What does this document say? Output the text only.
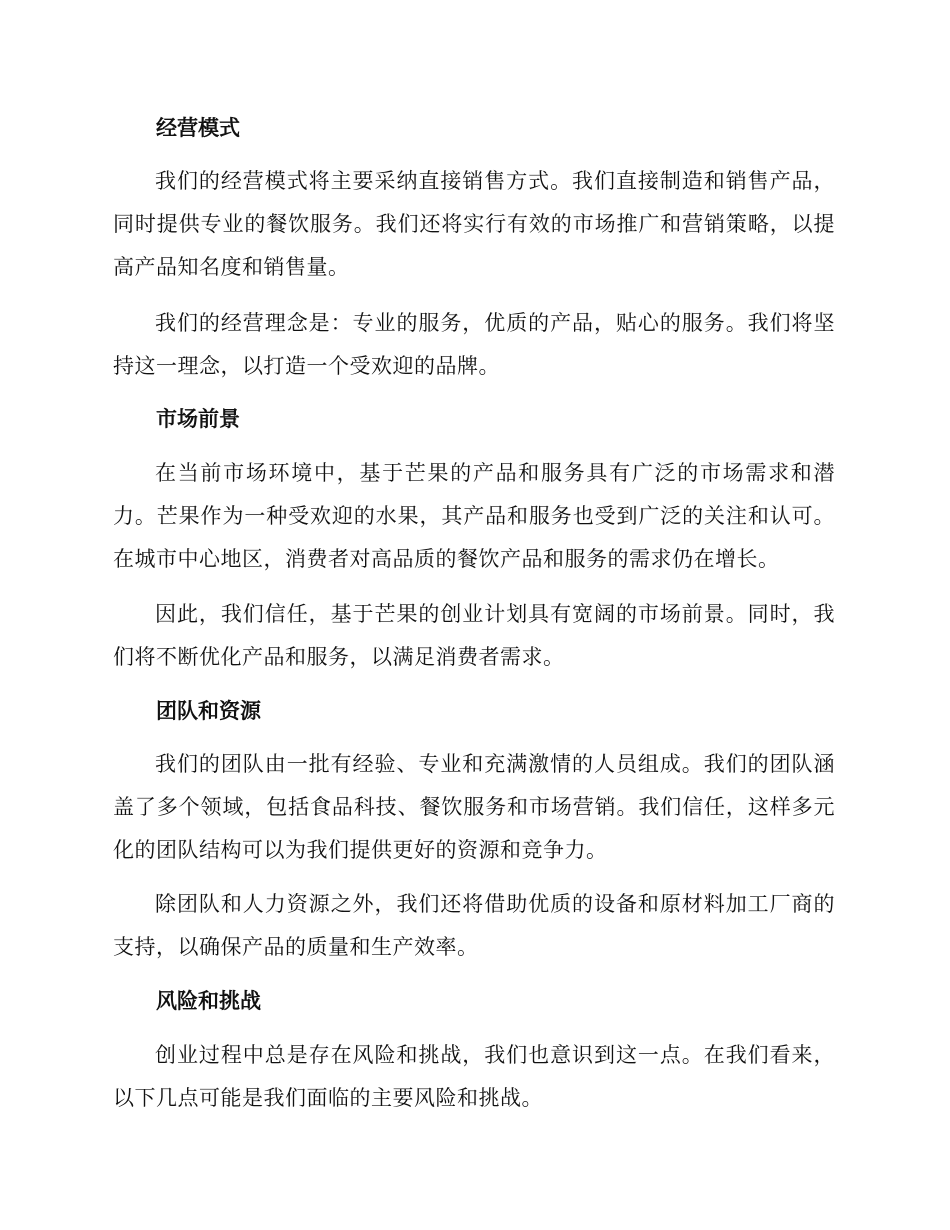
经营模式

我们的经营模式将主要采纳直接销售方式。我们直接制造和销售产品，同时提供专业的餐饮服务。我们还将实行有效的市场推广和营销策略，以提高产品知名度和销售量。

我们的经营理念是：专业的服务，优质的产品，贴心的服务。我们将坚持这一理念，以打造一个受欢迎的品牌。

市场前景

在当前市场环境中，基于芒果的产品和服务具有广泛的市场需求和潜力。芒果作为一种受欢迎的水果，其产品和服务也受到广泛的关注和认可。在城市中心地区，消费者对高品质的餐饮产品和服务的需求仍在增长。

因此，我们信任，基于芒果的创业计划具有宽阔的市场前景。同时，我们将不断优化产品和服务，以满足消费者需求。

团队和资源

我们的团队由一批有经验、专业和充满激情的人员组成。我们的团队涵盖了多个领域，包括食品科技、餐饮服务和市场营销。我们信任，这样多元化的团队结构可以为我们提供更好的资源和竞争力。

除团队和人力资源之外，我们还将借助优质的设备和原材料加工厂商的支持，以确保产品的质量和生产效率。

风险和挑战

创业过程中总是存在风险和挑战，我们也意识到这一点。在我们看来，以下几点可能是我们面临的主要风险和挑战。
